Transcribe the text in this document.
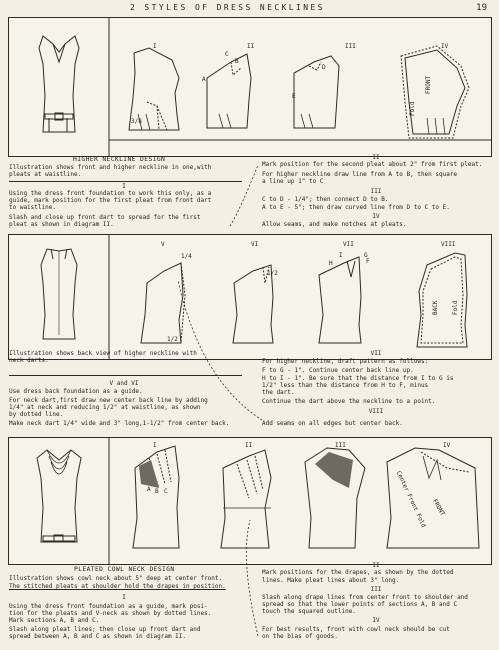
2 STYLES OF DRESS NECKLINES	19
I	II	III	IV
C
B
A
D
E
3/8
FRONT
Fold
HIGHER NECKLINE DESIGN
Illustration shows front and higher neckline in one,with
pleats at waistline.
I
Using the dress front foundation to work this only, as a
guide, mark position for the first pleat from front dart
to waistline.
Slash and close up front dart to spread for the first
pleat as shown in diagram II.
II
Mark position for the second pleat about 2" from first pleat.
For higher neckline draw line from A to B, then square
a line up 1" to C
III
C to D - 1/4"; then connect D to B.
A to E - 5"; then draw curved line from D to C to E.
IV
Allow seams, and make notches at pleats.
V	VI	VII	VIII
1/4
1/2
1/2
I
H
G
F
BACK Fold
Illustration shows back view of higher neckline with
neck darts.
V and VI
Use dress back foundation as a guide.
For neck dart,first draw new center back line by adding
1/4" at neck and reducing 1/2" at waistline, as shown
by dotted line.
Make neck dart 1/4" wide and 3" long,1-1/2" from center back.
VII
For higher neckline, draft pattern as follows:
F to G - 1". Continue center back line up.
H to I - 1". Be sure that the distance from I to G is
1/2" less than the distance from H to F, minus
the dart.
Continue the dart above the neckline to a point.
VIII
Add seams on all edges but center back.
I	II	III	IV
A B C	Center Front Fold FRONT
PLEATED COWL NECK DESIGN
Illustration shows cowl neck about 5" deep at center front.
The stitched pleats at shoulder hold the drapes in position.
I
Using the dress front foundation as a guide, mark posi-
tion for the pleats and V-neck as shown by dotted lines.
Mark sections A, B and C.
Slash along pleat lines; then close up front dart and
spread between A, B and C as shown in diagram II.
II
Mark positions for the drapes, as shown by the dotted
lines. Make pleat lines about 3" long.
III
Slash along drape lines from center front to shoulder and
spread so that the lower points of sections A, B and C
touch the squared outline.
IV
For best results, front with cowl neck should be cut
on the bias of goods.
